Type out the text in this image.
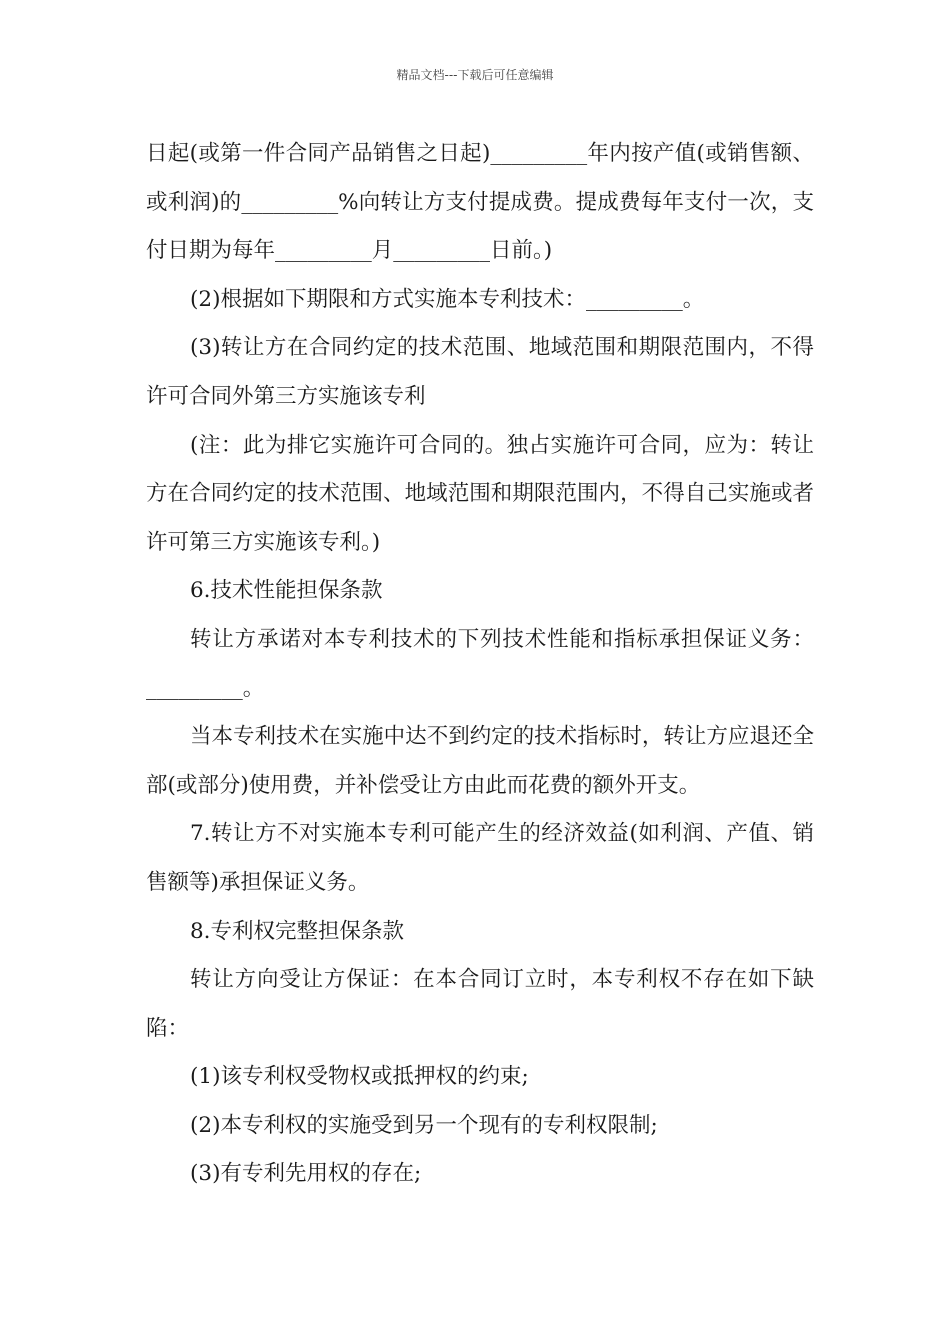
精品文档---下载后可任意编辑

日起(或第一件合同产品销售之日起)_________年内按产值(或销售额、或利润)的_________%向转让方支付提成费。提成费每年支付一次，支付日期为每年_________月_________日前。)

(2)根据如下期限和方式实施本专利技术：_________。

(3)转让方在合同约定的技术范围、地域范围和期限范围内，不得许可合同外第三方实施该专利

(注：此为排它实施许可合同的。独占实施许可合同，应为：转让方在合同约定的技术范围、地域范围和期限范围内，不得自己实施或者许可第三方实施该专利。)

6.技术性能担保条款

转让方承诺对本专利技术的下列技术性能和指标承担保证义务：_________。

当本专利技术在实施中达不到约定的技术指标时，转让方应退还全部(或部分)使用费，并补偿受让方由此而花费的额外开支。

7.转让方不对实施本专利可能产生的经济效益(如利润、产值、销售额等)承担保证义务。

8.专利权完整担保条款

转让方向受让方保证：在本合同订立时，本专利权不存在如下缺陷：

(1)该专利权受物权或抵押权的约束;

(2)本专利权的实施受到另一个现有的专利权限制;

(3)有专利先用权的存在;
